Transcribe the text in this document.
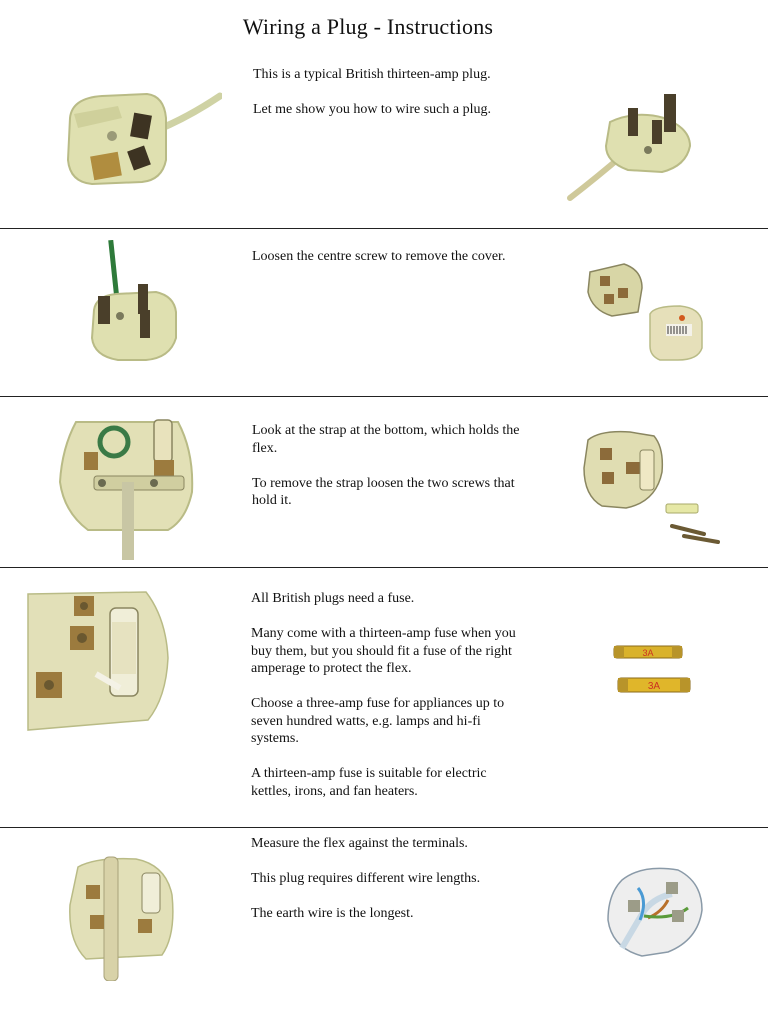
Wiring a Plug - Instructions

This is a typical British thirteen-amp plug.

Let me show you how to wire such a plug.

Loosen the centre screw to remove the cover.

Look at the strap at the bottom, which holds the flex.

To remove the strap loosen the two screws that hold it.

All British plugs need a fuse.

Many come with a thirteen-amp fuse when you buy them, but you should fit a fuse of the right amperage to protect the flex.

Choose a three-amp fuse for appliances up to seven hundred watts, e.g. lamps and hi-fi systems.

A thirteen-amp fuse is suitable for electric kettles, irons, and fan heaters.

3A
3A

Measure the flex against the terminals.

This plug requires different wire lengths.

The earth wire is the longest.
